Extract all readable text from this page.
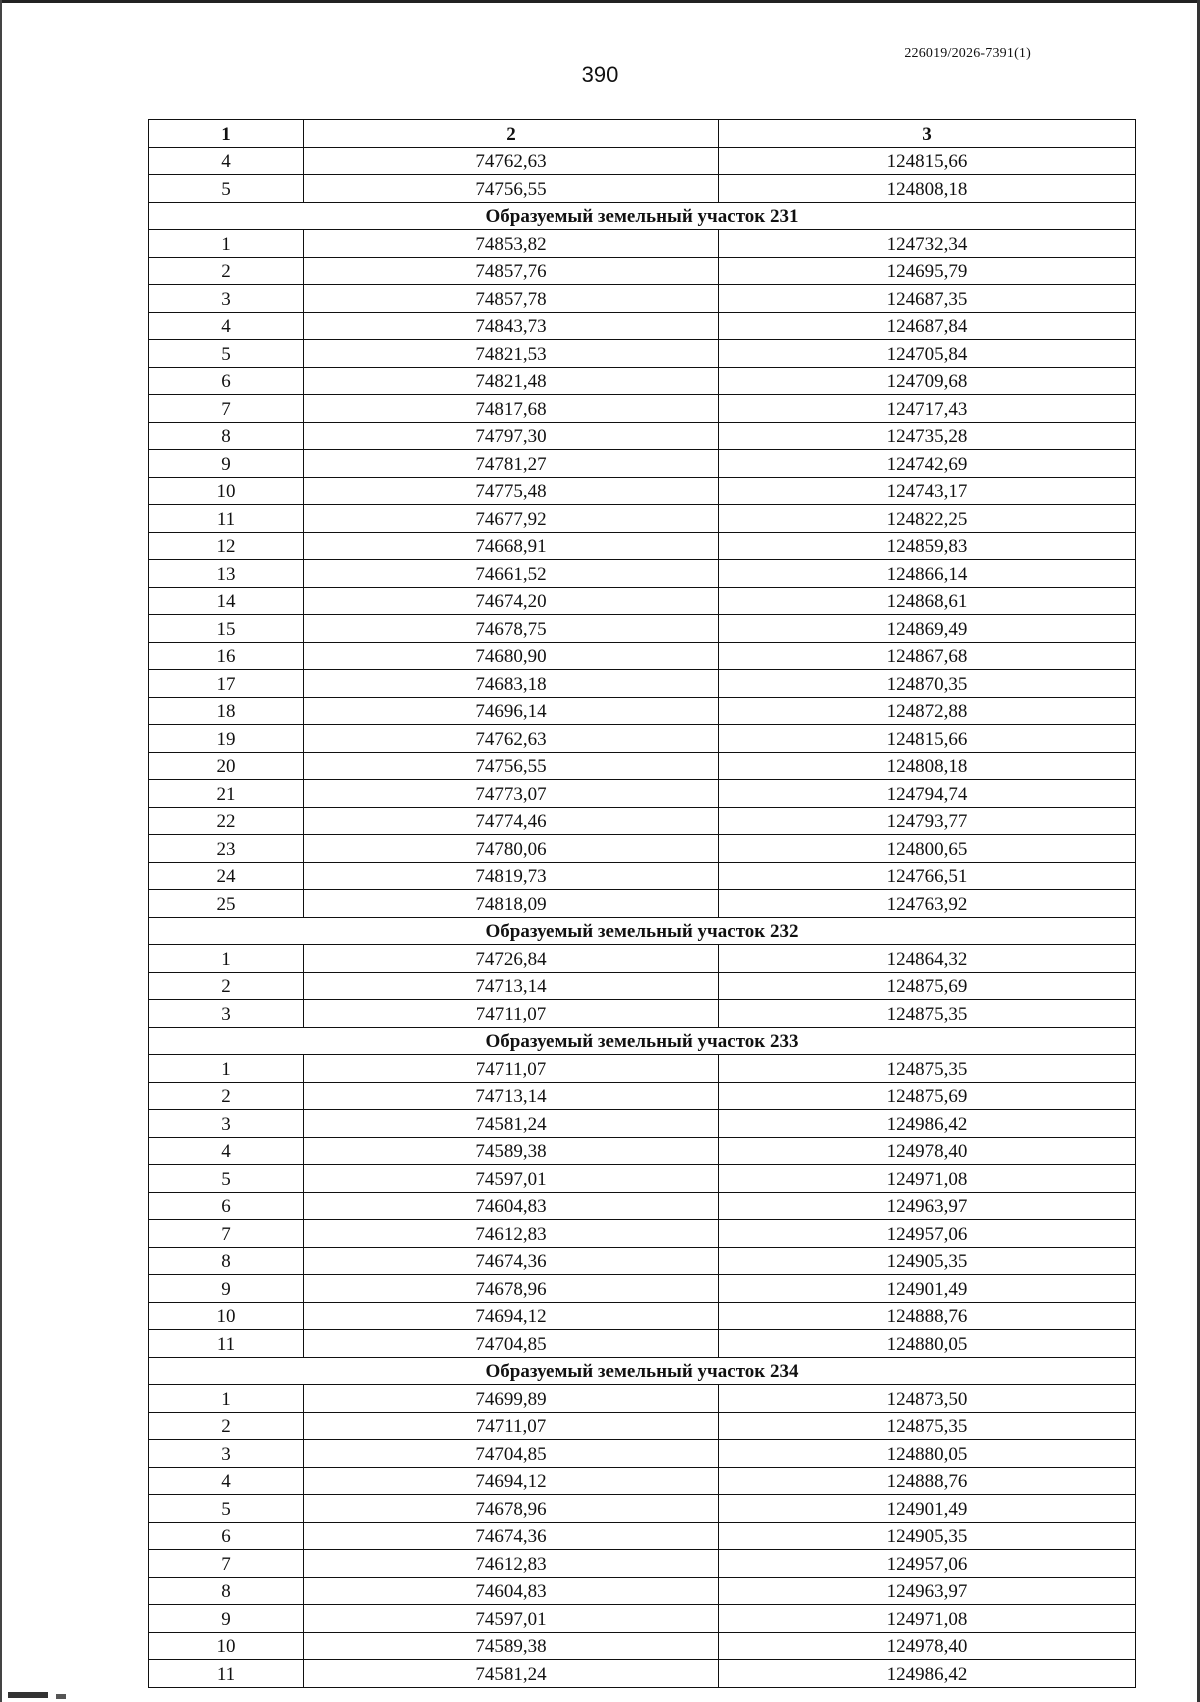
226019/2026-7391(1)
390
1	2	3
4	74762,63	124815,66
5	74756,55	124808,18
Образуемый земельный участок 231		
1	74853,82	124732,34
2	74857,76	124695,79
3	74857,78	124687,35
4	74843,73	124687,84
5	74821,53	124705,84
6	74821,48	124709,68
7	74817,68	124717,43
8	74797,30	124735,28
9	74781,27	124742,69
10	74775,48	124743,17
11	74677,92	124822,25
12	74668,91	124859,83
13	74661,52	124866,14
14	74674,20	124868,61
15	74678,75	124869,49
16	74680,90	124867,68
17	74683,18	124870,35
18	74696,14	124872,88
19	74762,63	124815,66
20	74756,55	124808,18
21	74773,07	124794,74
22	74774,46	124793,77
23	74780,06	124800,65
24	74819,73	124766,51
25	74818,09	124763,92
Образуемый земельный участок 232		
1	74726,84	124864,32
2	74713,14	124875,69
3	74711,07	124875,35
Образуемый земельный участок 233		
1	74711,07	124875,35
2	74713,14	124875,69
3	74581,24	124986,42
4	74589,38	124978,40
5	74597,01	124971,08
6	74604,83	124963,97
7	74612,83	124957,06
8	74674,36	124905,35
9	74678,96	124901,49
10	74694,12	124888,76
11	74704,85	124880,05
Образуемый земельный участок 234		
1	74699,89	124873,50
2	74711,07	124875,35
3	74704,85	124880,05
4	74694,12	124888,76
5	74678,96	124901,49
6	74674,36	124905,35
7	74612,83	124957,06
8	74604,83	124963,97
9	74597,01	124971,08
10	74589,38	124978,40
11	74581,24	124986,42
